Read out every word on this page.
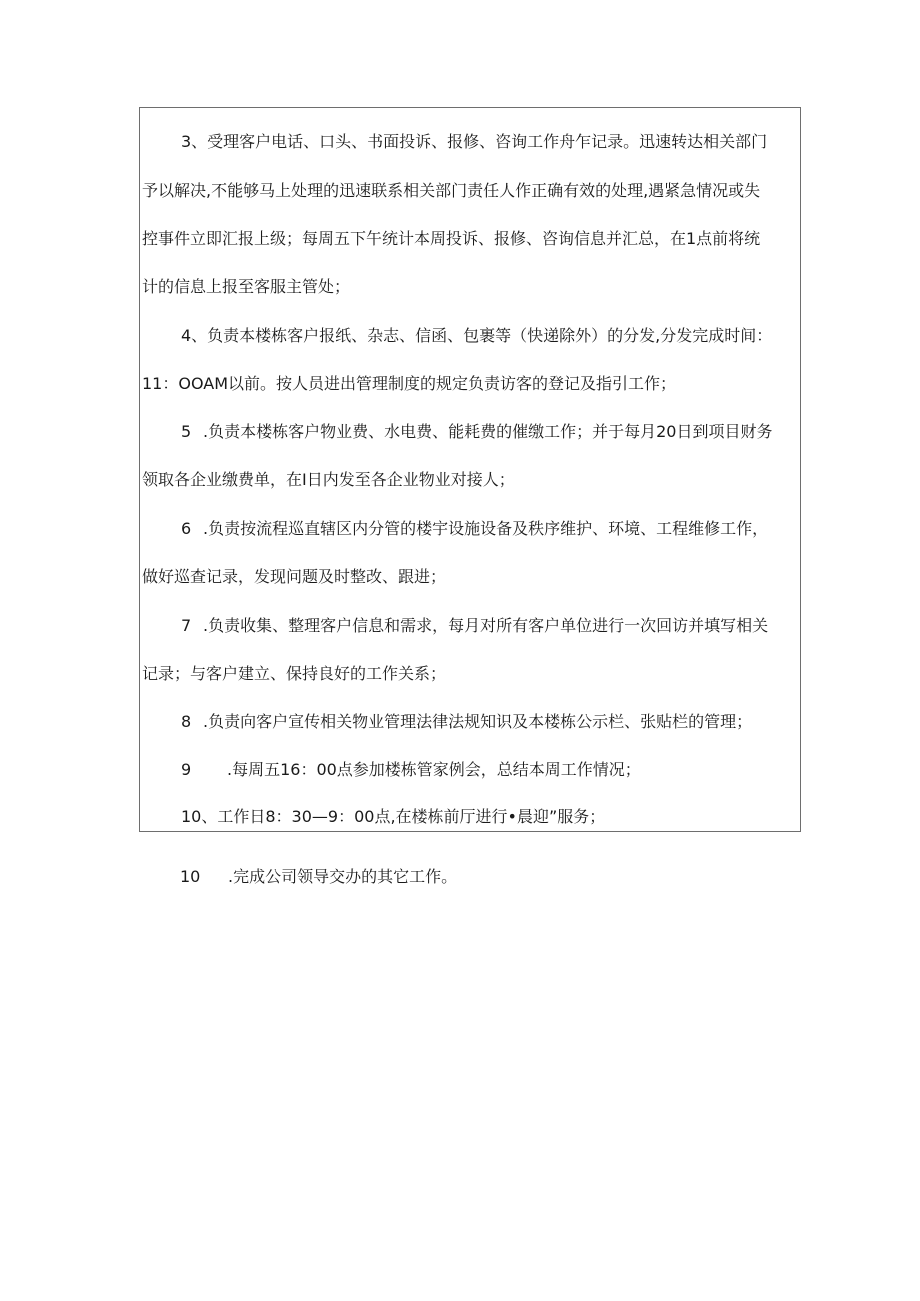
3、受理客户电话、口头、书面投诉、报修、咨询工作舟乍记录。迅速转达相关部门
予以解决,不能够马上处理的迅速联系相关部门责任人作正确有效的处理,遇紧急情况或失
控事件立即汇报上级；每周五下午统计本周投诉、报修、咨询信息并汇总，在1点前将统
计的信息上报至客服主管处；
4、负责本楼栋客户报纸、杂志、信函、包裹等（快递除外）的分发,分发完成时间：
11：OOAM以前。按人员进出管理制度的规定负责访客的登记及指引工作；
5 .负责本楼栋客户物业费、水电费、能耗费的催缴工作；并于每月20日到项目财务
领取各企业缴费单，在I日内发至各企业物业对接人；
6 .负责按流程巡直辖区内分管的楼宇设施设备及秩序维护、环境、工程维修工作，
做好巡查记录，发现问题及时整改、跟进；
7 .负责收集、整理客户信息和需求，每月对所有客户单位进行一次回访并填写相关
记录；与客户建立、保持良好的工作关系；
8 .负责向客户宣传相关物业管理法律法规知识及本楼栋公示栏、张贴栏的管理；
9 .每周五16：00点参加楼栋管家例会，总结本周工作情况；
10、工作日8：30—9：00点,在楼栋前厅进行•晨迎”服务；
10 .完成公司领导交办的其它工作。
